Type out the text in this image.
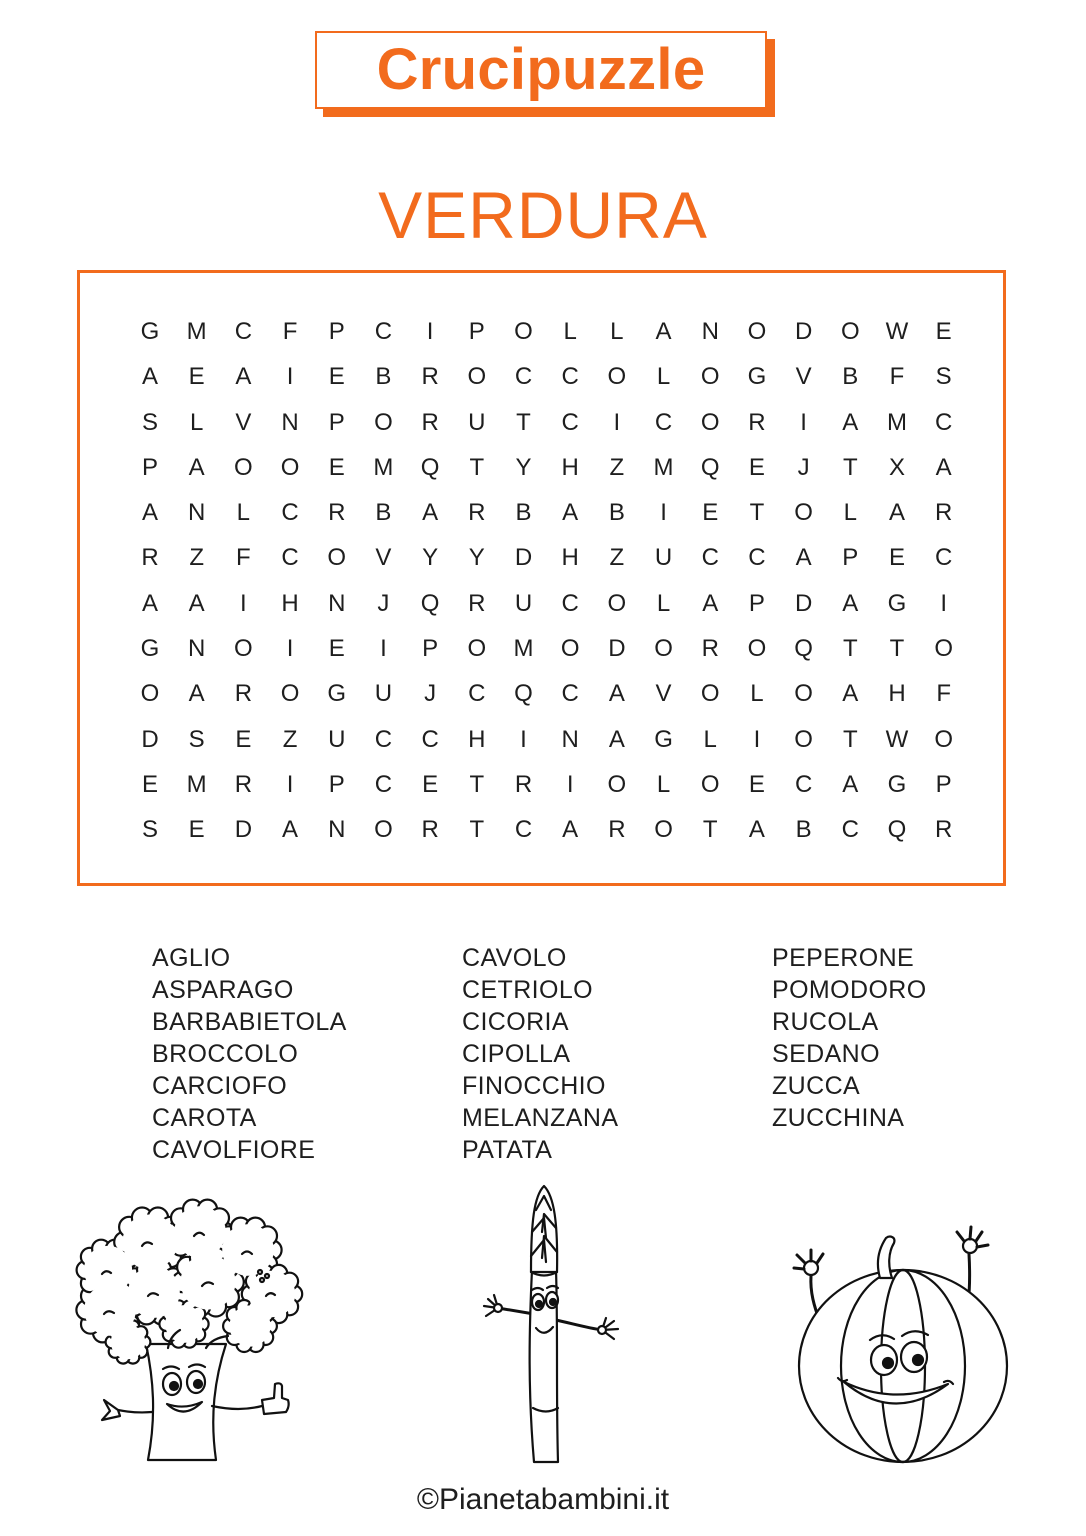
Crucipuzzle
VERDURA
G	M	C	F	P	C	I	P	O	L	L	A	N	O	D	O	W	E
A	E	A	I	E	B	R	O	C	C	O	L	O	G	V	B	F	S
S	L	V	N	P	O	R	U	T	C	I	C	O	R	I	A	M	C
P	A	O	O	E	M	Q	T	Y	H	Z	M	Q	E	J	T	X	A
A	N	L	C	R	B	A	R	B	A	B	I	E	T	O	L	A	R
R	Z	F	C	O	V	Y	Y	D	H	Z	U	C	C	A	P	E	C
A	A	I	H	N	J	Q	R	U	C	O	L	A	P	D	A	G	I
G	N	O	I	E	I	P	O	M	O	D	O	R	O	Q	T	T	O
O	A	R	O	G	U	J	C	Q	C	A	V	O	L	O	A	H	F
D	S	E	Z	U	C	C	H	I	N	A	G	L	I	O	T	W	O
E	M	R	I	P	C	E	T	R	I	O	L	O	E	C	A	G	P
S	E	D	A	N	O	R	T	C	A	R	O	T	A	B	C	Q	R
AGLIO
ASPARAGO
BARBABIETOLA
BROCCOLO
CARCIOFO
CAROTA
CAVOLFIORE
CAVOLO
CETRIOLO
CICORIA
CIPOLLA
FINOCCHIO
MELANZANA
PATATA
PEPERONE
POMODORO
RUCOLA
SEDANO
ZUCCA
ZUCCHINA
©Pianetabambini.it
